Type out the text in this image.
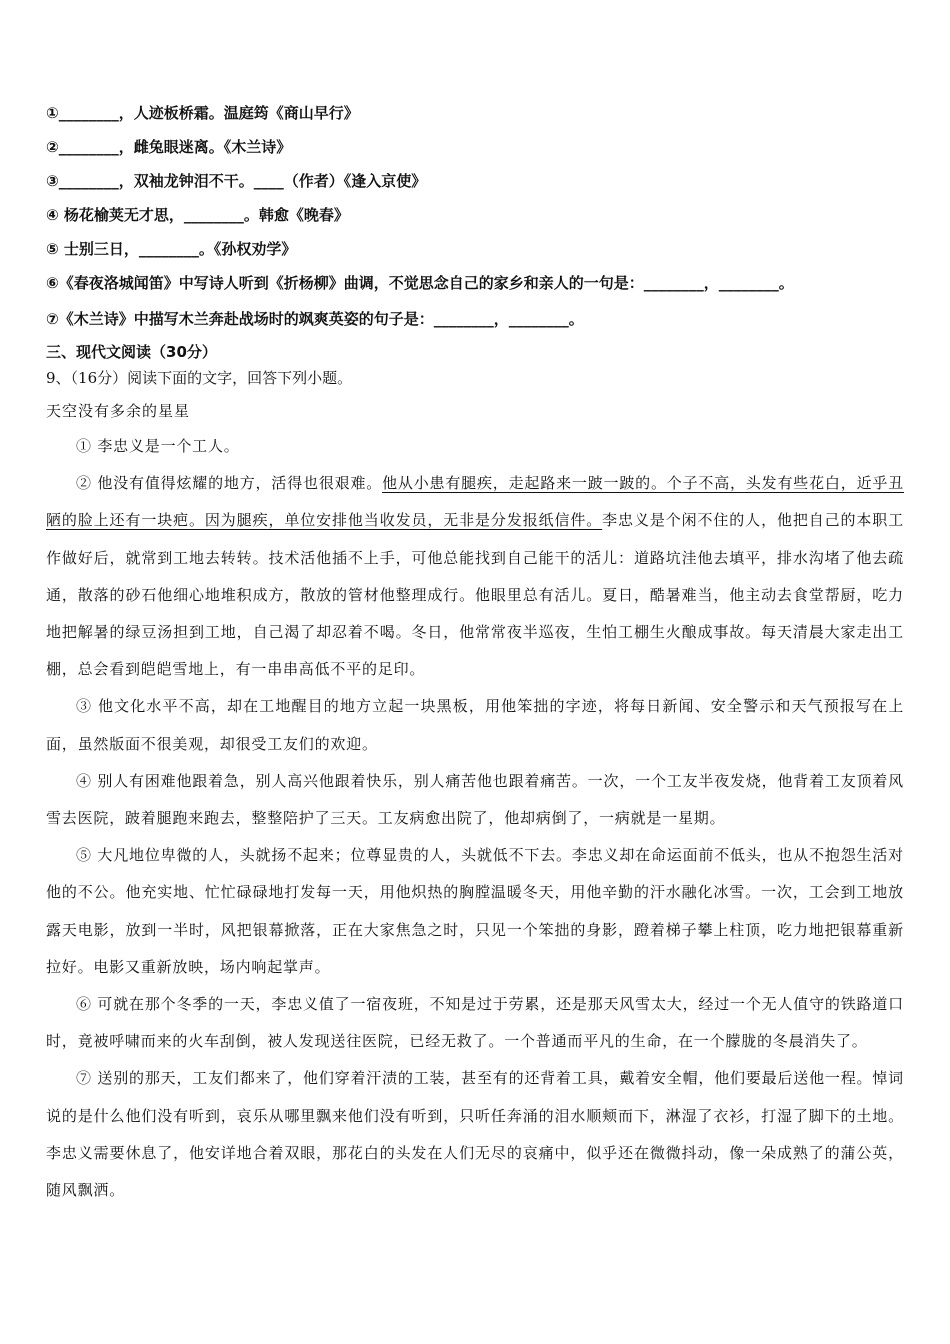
①________，人迹板桥霜。温庭筠《商山早行》
②________，雌兔眼迷离。《木兰诗》
③________，双袖龙钟泪不干。____（作者）《逢入京使》
④ 杨花榆荚无才思，________。韩愈《晚春》
⑤ 士别三日，________。《孙权劝学》
⑥《春夜洛城闻笛》中写诗人听到《折杨柳》曲调，不觉思念自己的家乡和亲人的一句是：________，________。
⑦《木兰诗》中描写木兰奔赴战场时的飒爽英姿的句子是：________，________。
三、现代文阅读（30分）
9、（16分）阅读下面的文字，回答下列小题。
天空没有多余的星星

① 李忠义是一个工人。

② 他没有值得炫耀的地方，活得也很艰难。他从小患有腿疾，走起路来一跛一跛的。个子不高，头发有些花白，近乎丑陋的脸上还有一块疤。因为腿疾，单位安排他当收发员，无非是分发报纸信件。李忠义是个闲不住的人，他把自己的本职工作做好后，就常到工地去转转。技术活他插不上手，可他总能找到自己能干的活儿：道路坑洼他去填平，排水沟堵了他去疏通，散落的砂石他细心地堆积成方，散放的管材他整理成行。他眼里总有活儿。夏日，酷暑难当，他主动去食堂帮厨，吃力地把解暑的绿豆汤担到工地，自己渴了却忍着不喝。冬日，他常常夜半巡夜，生怕工棚生火酿成事故。每天清晨大家走出工棚，总会看到皑皑雪地上，有一串串高低不平的足印。

③ 他文化水平不高，却在工地醒目的地方立起一块黑板，用他笨拙的字迹，将每日新闻、安全警示和天气预报写在上面，虽然版面不很美观，却很受工友们的欢迎。

④ 别人有困难他跟着急，别人高兴他跟着快乐，别人痛苦他也跟着痛苦。一次，一个工友半夜发烧，他背着工友顶着风雪去医院，跛着腿跑来跑去，整整陪护了三天。工友病愈出院了，他却病倒了，一病就是一星期。

⑤ 大凡地位卑微的人，头就扬不起来；位尊显贵的人，头就低不下去。李忠义却在命运面前不低头，也从不抱怨生活对他的不公。他充实地、忙忙碌碌地打发每一天，用他炽热的胸膛温暖冬天，用他辛勤的汗水融化冰雪。一次，工会到工地放露天电影，放到一半时，风把银幕掀落，正在大家焦急之时，只见一个笨拙的身影，蹬着梯子攀上柱顶，吃力地把银幕重新拉好。电影又重新放映，场内响起掌声。

⑥ 可就在那个冬季的一天，李忠义值了一宿夜班，不知是过于劳累，还是那天风雪太大，经过一个无人值守的铁路道口时，竟被呼啸而来的火车刮倒，被人发现送往医院，已经无救了。一个普通而平凡的生命，在一个朦胧的冬晨消失了。

⑦ 送别的那天，工友们都来了，他们穿着汗渍的工装，甚至有的还背着工具，戴着安全帽，他们要最后送他一程。悼词说的是什么他们没有听到，哀乐从哪里飘来他们没有听到，只听任奔涌的泪水顺颊而下，淋湿了衣衫，打湿了脚下的土地。李忠义需要休息了，他安详地合着双眼，那花白的头发在人们无尽的哀痛中，似乎还在微微抖动，像一朵成熟了的蒲公英，随风飘洒。
